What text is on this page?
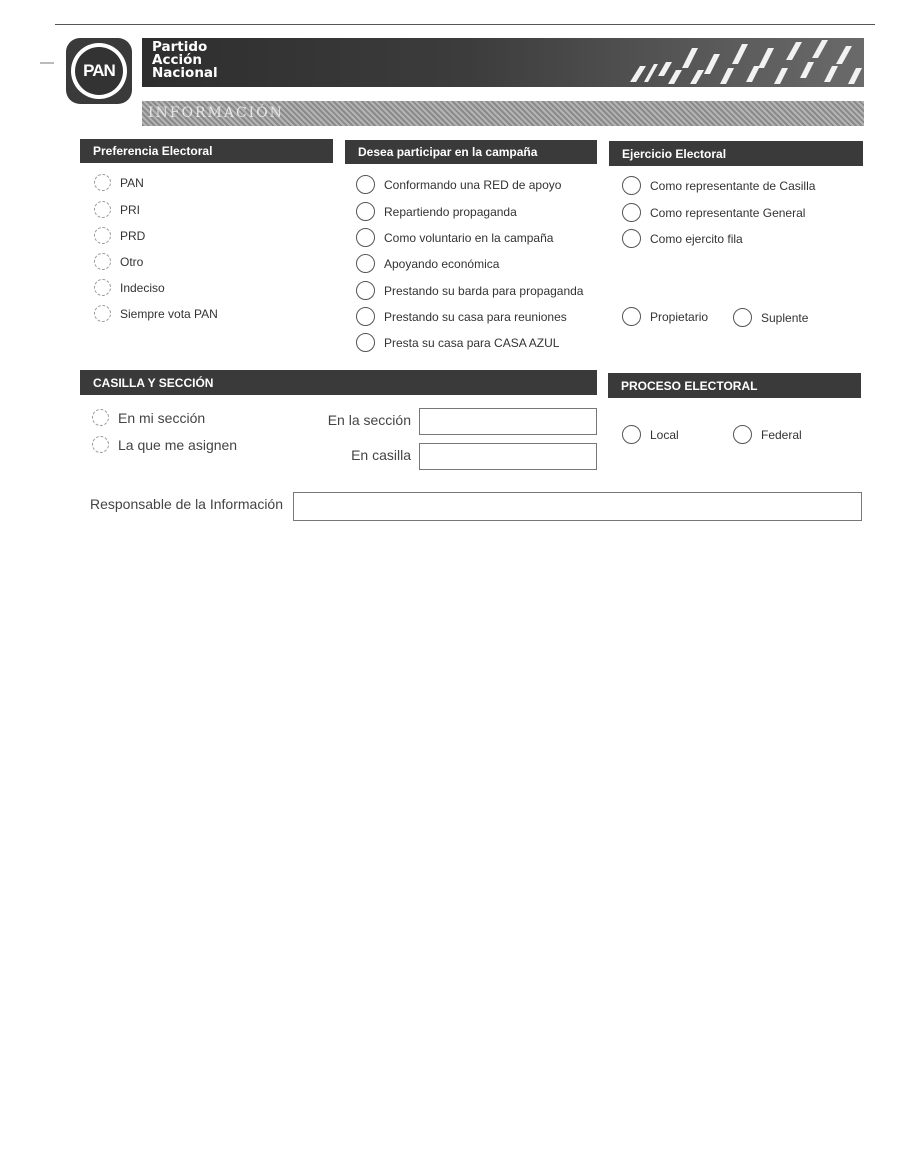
PAN
Partido
Acción
Nacional
INFORMACIÓN
Preferencia Electoral
PAN
PRI
PRD
Otro
Indeciso
Siempre vota PAN
Desea participar en la campaña
Conformando una RED de apoyo
Repartiendo propaganda
Como voluntario en la campaña
Apoyando económica
Prestando su barda para propaganda
Prestando su casa para reuniones
Presta su casa para CASA AZUL
Ejercicio Electoral
Como representante de Casilla
Como representante General
Como ejercito fila
Propietario	Suplente
CASILLA Y SECCIÓN
En mi sección
La que me asignen
En la sección
En casilla
PROCESO ELECTORAL
Local	Federal
Responsable de la Información
